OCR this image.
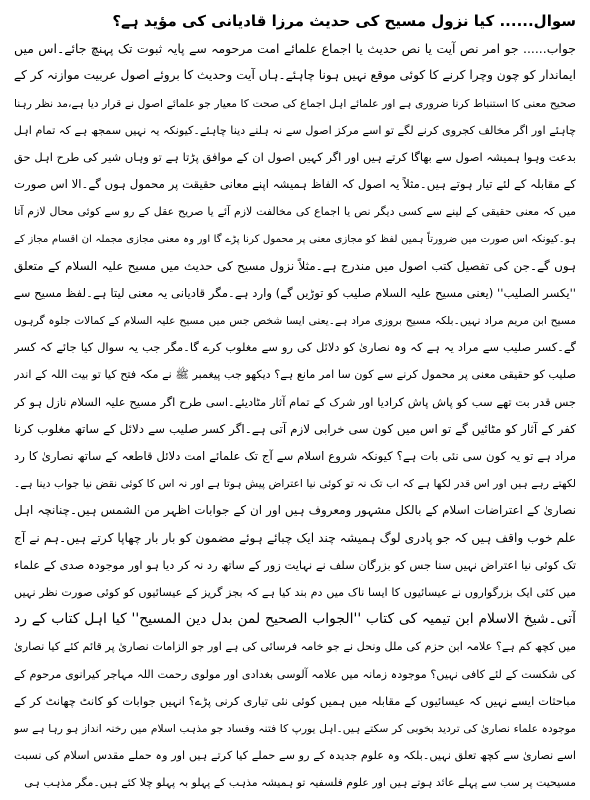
سوال...... کیا نزول مسیح کی حدیث مرزا قادیانی کی مؤید ہے؟
جواب...... جو امر نص آیت یا نص حدیث یا اجماع علمائے امت مرحومہ سے پایہ ثبوت تک پہنچ جائے۔اس میں
ایماندار کو چون وچرا کرنے کا کوئی موقع نہیں ہونا چاہئے۔ہاں آیت وحدیث کا بروئے اصول عربیت موازنہ کر کے
صحیح معنی کا استنباط کرنا ضروری ہے اور علمائے اہل اجماع کی صحت کا معیار جو علمائے اصول نے قرار دیا ہے،مد نظر رہنا
چاہئے اور اگر مخالف کجروی کرنے لگے تو اسے مرکز اصول سے نہ ہلنے دینا چاہئے۔کیونکہ یہ نہیں سمجھ ہے کہ تمام اہل
بدعت وہوا ہمیشہ اصول سے بھاگا کرتے ہیں اور اگر کہیں اصول ان کے موافق پڑتا ہے تو وہاں شیر کی طرح اہل حق
کے مقابلہ کے لئے تیار ہوتے ہیں۔مثلاً یہ اصول کہ الفاظ ہمیشہ اپنے معانی حقیقت پر محمول ہوں گے۔الا اس صورت
میں کہ معنی حقیقی کے لینے سے کسی دیگر نص یا اجماع کی مخالفت لازم آئے یا صریح عقل کے رو سے کوئی محال لازم آتا
ہو۔کیونکہ اس صورت میں ضرورتاً ہمیں لفظ کو مجازی معنی پر محمول کرنا پڑے گا اور وہ معنی مجازی مجملہ ان اقسام مجاز کے
ہوں گے۔جن کی تفصیل کتب اصول میں مندرج ہے۔مثلاً نزول مسیح کی حدیث میں مسیح علیہ السلام کے متعلق
''یکسر الصلیب'' (یعنی مسیح علیہ السلام صلیب کو توڑیں گے) وارد ہے۔مگر قادیانی یہ معنی لیتا ہے۔لفظ مسیح سے
مسیح ابن مریم مراد نہیں۔بلکہ مسیح بروزی مراد ہے۔یعنی ایسا شخص جس میں مسیح علیہ السلام کے کمالات جلوہ گرہوں
گے۔کسر صلیب سے مراد یہ ہے کہ وہ نصاریٰ کو دلائل کی رو سے مغلوب کرے گا۔مگر جب یہ سوال کیا جائے کہ کسر
صلیب کو حقیقی معنی پر محمول کرنے سے کون سا امر مانع ہے؟ دیکھو جب پیغمبر ﷺ نے مکہ فتح کیا تو بیت اللہ کے اندر
جس قدر بت تھے سب کو پاش پاش کرادیا اور شرک کے تمام آثار مٹادیئے۔اسی طرح اگر مسیح علیہ السلام نازل ہو کر
کفر کے آثار کو مٹائیں گے تو اس میں کون سی خرابی لازم آتی ہے۔اگر کسر صلیب سے دلائل کے ساتھ مغلوب کرنا
مراد ہے تو یہ کون سی نئی بات ہے؟ کیونکہ شروع اسلام سے آج تک علمائے امت دلائل قاطعہ کے ساتھ نصاریٰ کا رد
لکھتے رہے ہیں اور اس قدر لکھا ہے کہ اب تک نہ تو کوئی نیا اعتراض پیش ہوتا ہے اور نہ اس کا کوئی نقض نیا جواب دینا ہے۔
نصاریٰ کے اعتراضات اسلام کے بالکل مشہور ومعروف ہیں اور ان کے جوابات اظہر من الشمس ہیں۔چنانچہ اہل
علم خوب واقف ہیں کہ جو پادری لوگ ہمیشہ چند ایک چبائے ہوئے مضمون کو بار بار چھاپا کرتے ہیں۔ہم نے آج
تک کوئی نیا اعتراض نہیں سنا جس کو بزرگان سلف نے نہایت زور کے ساتھ رد نہ کر دیا ہو اور موجودہ صدی کے علماء
میں کئی ایک بزرگواروں نے عیسائیوں کا ایسا ناک میں دم بند کیا ہے کہ بجز گریز کے عیسائیوں کو کوئی صورت نظر نہیں
آتی۔شیخ الاسلام ابن تیمیہ کی کتاب ''الجواب الصحیح لمن بدل دین المسیح'' کیا اہل کتاب کے رد
میں کچھ کم ہے؟ علامہ ابن حزم کی ملل ونحل نے جو خامہ فرسائی کی ہے اور جو الزامات نصاریٰ پر قائم کئے کیا نصاریٰ
کی شکست کے لئے کافی نہیں؟ موجودہ زمانہ میں علامہ آلوسی بغدادی اور مولوی رحمت اللہ مہاجر کیرانوی مرحوم کے
مباحثات ایسے نہیں کہ عیسائیوں کے مقابلہ میں ہمیں کوئی نئی تیاری کرنی پڑے؟ انہیں جوابات کو کانٹ چھانٹ کر کے
موجودہ علماء نصاریٰ کی تردید بخوبی کر سکتے ہیں۔اہل یورپ کا فتنہ وفساد جو مذہب اسلام میں رخنہ انداز ہو رہا ہے سو
اسے نصاریٰ سے کچھ تعلق نہیں۔بلکہ وہ علوم جدیدہ کے رو سے حملے کیا کرتے ہیں اور وہ حملے مقدس اسلام کی نسبت
مسیحیت پر سب سے پہلے عائد ہوتے ہیں اور علوم فلسفیہ تو ہمیشہ مذہب کے پہلو بہ پہلو چلا کئے ہیں۔مگر مذہب ہی
